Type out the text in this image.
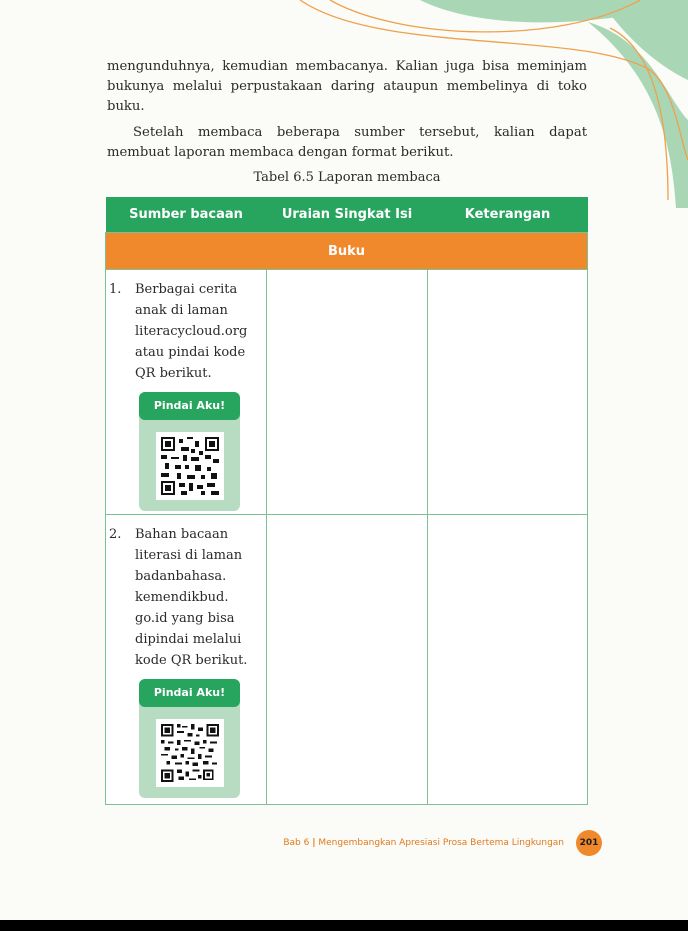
mengunduhnya, kemudian membacanya. Kalian juga bisa meminjam bukunya melalui perpustakaan daring ataupun membelinya di toko buku.

Setelah membaca beberapa sumber tersebut, kalian dapat membuat laporan membaca dengan format berikut.

Tabel 6.5 Laporan membaca
Sumber bacaan	Uraian Singkat Isi	Keterangan
Buku		

1. Berbagai cerita anak di laman literacycloud.org atau pindai kode QR berikut.
Pindai Aku!		

2. Bahan bacaan literasi di laman badanbahasa. kemendikbud. go.id yang bisa dipindai melalui kode QR berikut.
Pindai Aku!		

Bab 6 | Mengembangkan Apresiasi Prosa Bertema Lingkungan	201
